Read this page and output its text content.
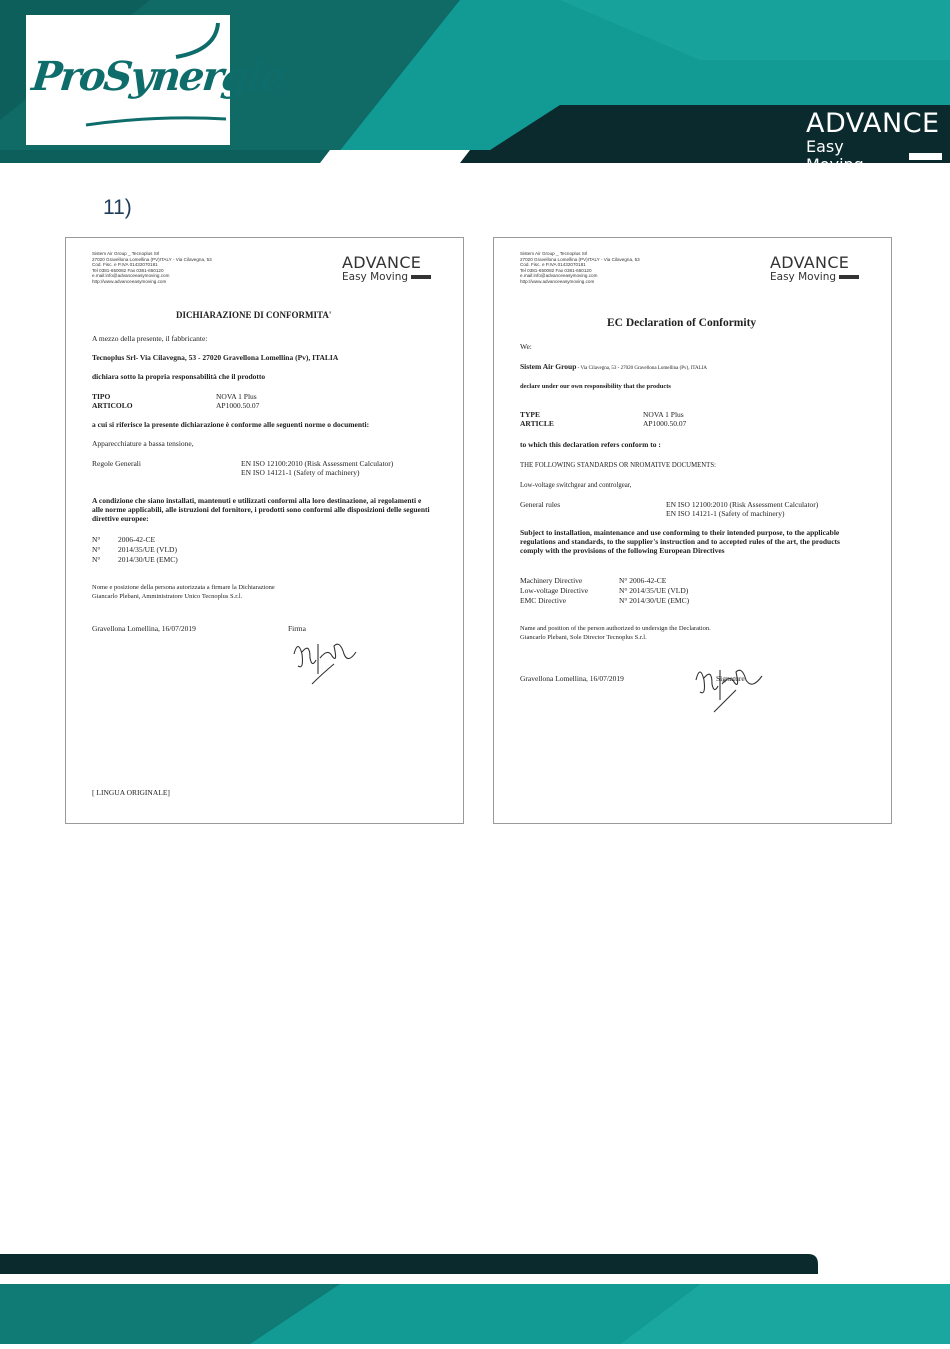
ProSynergie
ADVANCE
Easy Moving
11)
Sistem Air Group _ Tecnoplus Srl
27020 Gravellona Lomellina (PV)ITALY - Via Cilavegna, 53
Cod. Fisc. e P.IVA 01432070181
Tel 0381-650082 Fax 0381-650120
e.mail:info@advanceeasymoving.com
http://www.advanceeasymoving.com
ADVANCE
Easy Moving
DICHIARAZIONE DI CONFORMITA'
A mezzo della presente, il fabbricante:
Tecnoplus Srl- Via Cilavegna, 53 - 27020 Gravellona Lomellina (Pv), ITALIA
dichiara sotto la propria responsabilità che il prodotto
TIPO	NOVA 1 Plus
ARTICOLO	AP1000.50.07
a cui si riferisce la presente dichiarazione è conforme alle seguenti norme o documenti:
Apparecchiature a bassa tensione,
Regole Generali	EN ISO 12100:2010 (Risk Assessment Calculator)
EN ISO 14121-1 (Safety of machinery)
A condizione che siano installati, mantenuti e utilizzati conformi alla loro destinazione, ai regolamenti e alle norme applicabili, alle istruzioni del fornitore, i prodotti sono conformi alle disposizioni delle seguenti direttive europee:
N° 2006-42-CE
N° 2014/35/UE (VLD)
N° 2014/30/UE (EMC)
Nome e posizione della persona autorizzata a firmare la Dichiarazione
Giancarlo Plebani, Amministratore Unico Tecnoplus S.r.l.
Gravellona Lomellina, 16/07/2019	Firma
[ LINGUA ORIGINALE]
Sistem Air Group _ Tecnoplus Srl
27020 Gravellona Lomellina (PV)ITALY - Via Cilavegna, 53
Cod. Fisc. e P.IVA 01432070181
Tel 0381-650082 Fax 0381-650120
e.mail:info@advanceeasymoving.com
http://www.advanceeasymoving.com
ADVANCE
Easy Moving
EC Declaration of Conformity
We:
Sistem Air Group - Via Cilavegna, 53 - 27020 Gravellona Lomellina (Pv), ITALIA
declare under our own responsibility that the products
TYPE	NOVA 1 Plus
ARTICLE	AP1000.50.07
to which this declaration refers conform to :
THE FOLLOWING STANDARDS OR NROMATIVE DOCUMENTS:
Low-voltage switchgear and controlgear,
General rules	EN ISO 12100:2010 (Risk Assessment Calculator)
EN ISO 14121-1 (Safety of machinery)
Subject to installation, maintenance and use conforming to their intended purpose, to the applicable regulations and standards, to the supplier's instruction and to accepted rules of the art, the products comply with the provisions of the following European Directives
Machinery Directive	N° 2006-42-CE
Low-voltage Directive	N° 2014/35/UE (VLD)
EMC Directive	N° 2014/30/UE (EMC)
Name and position of the person authorized to undersign the Declaration.
Giancarlo Plebani, Sole Director Tecnoplus S.r.l.
Gravellona Lomellina, 16/07/2019	Signature
